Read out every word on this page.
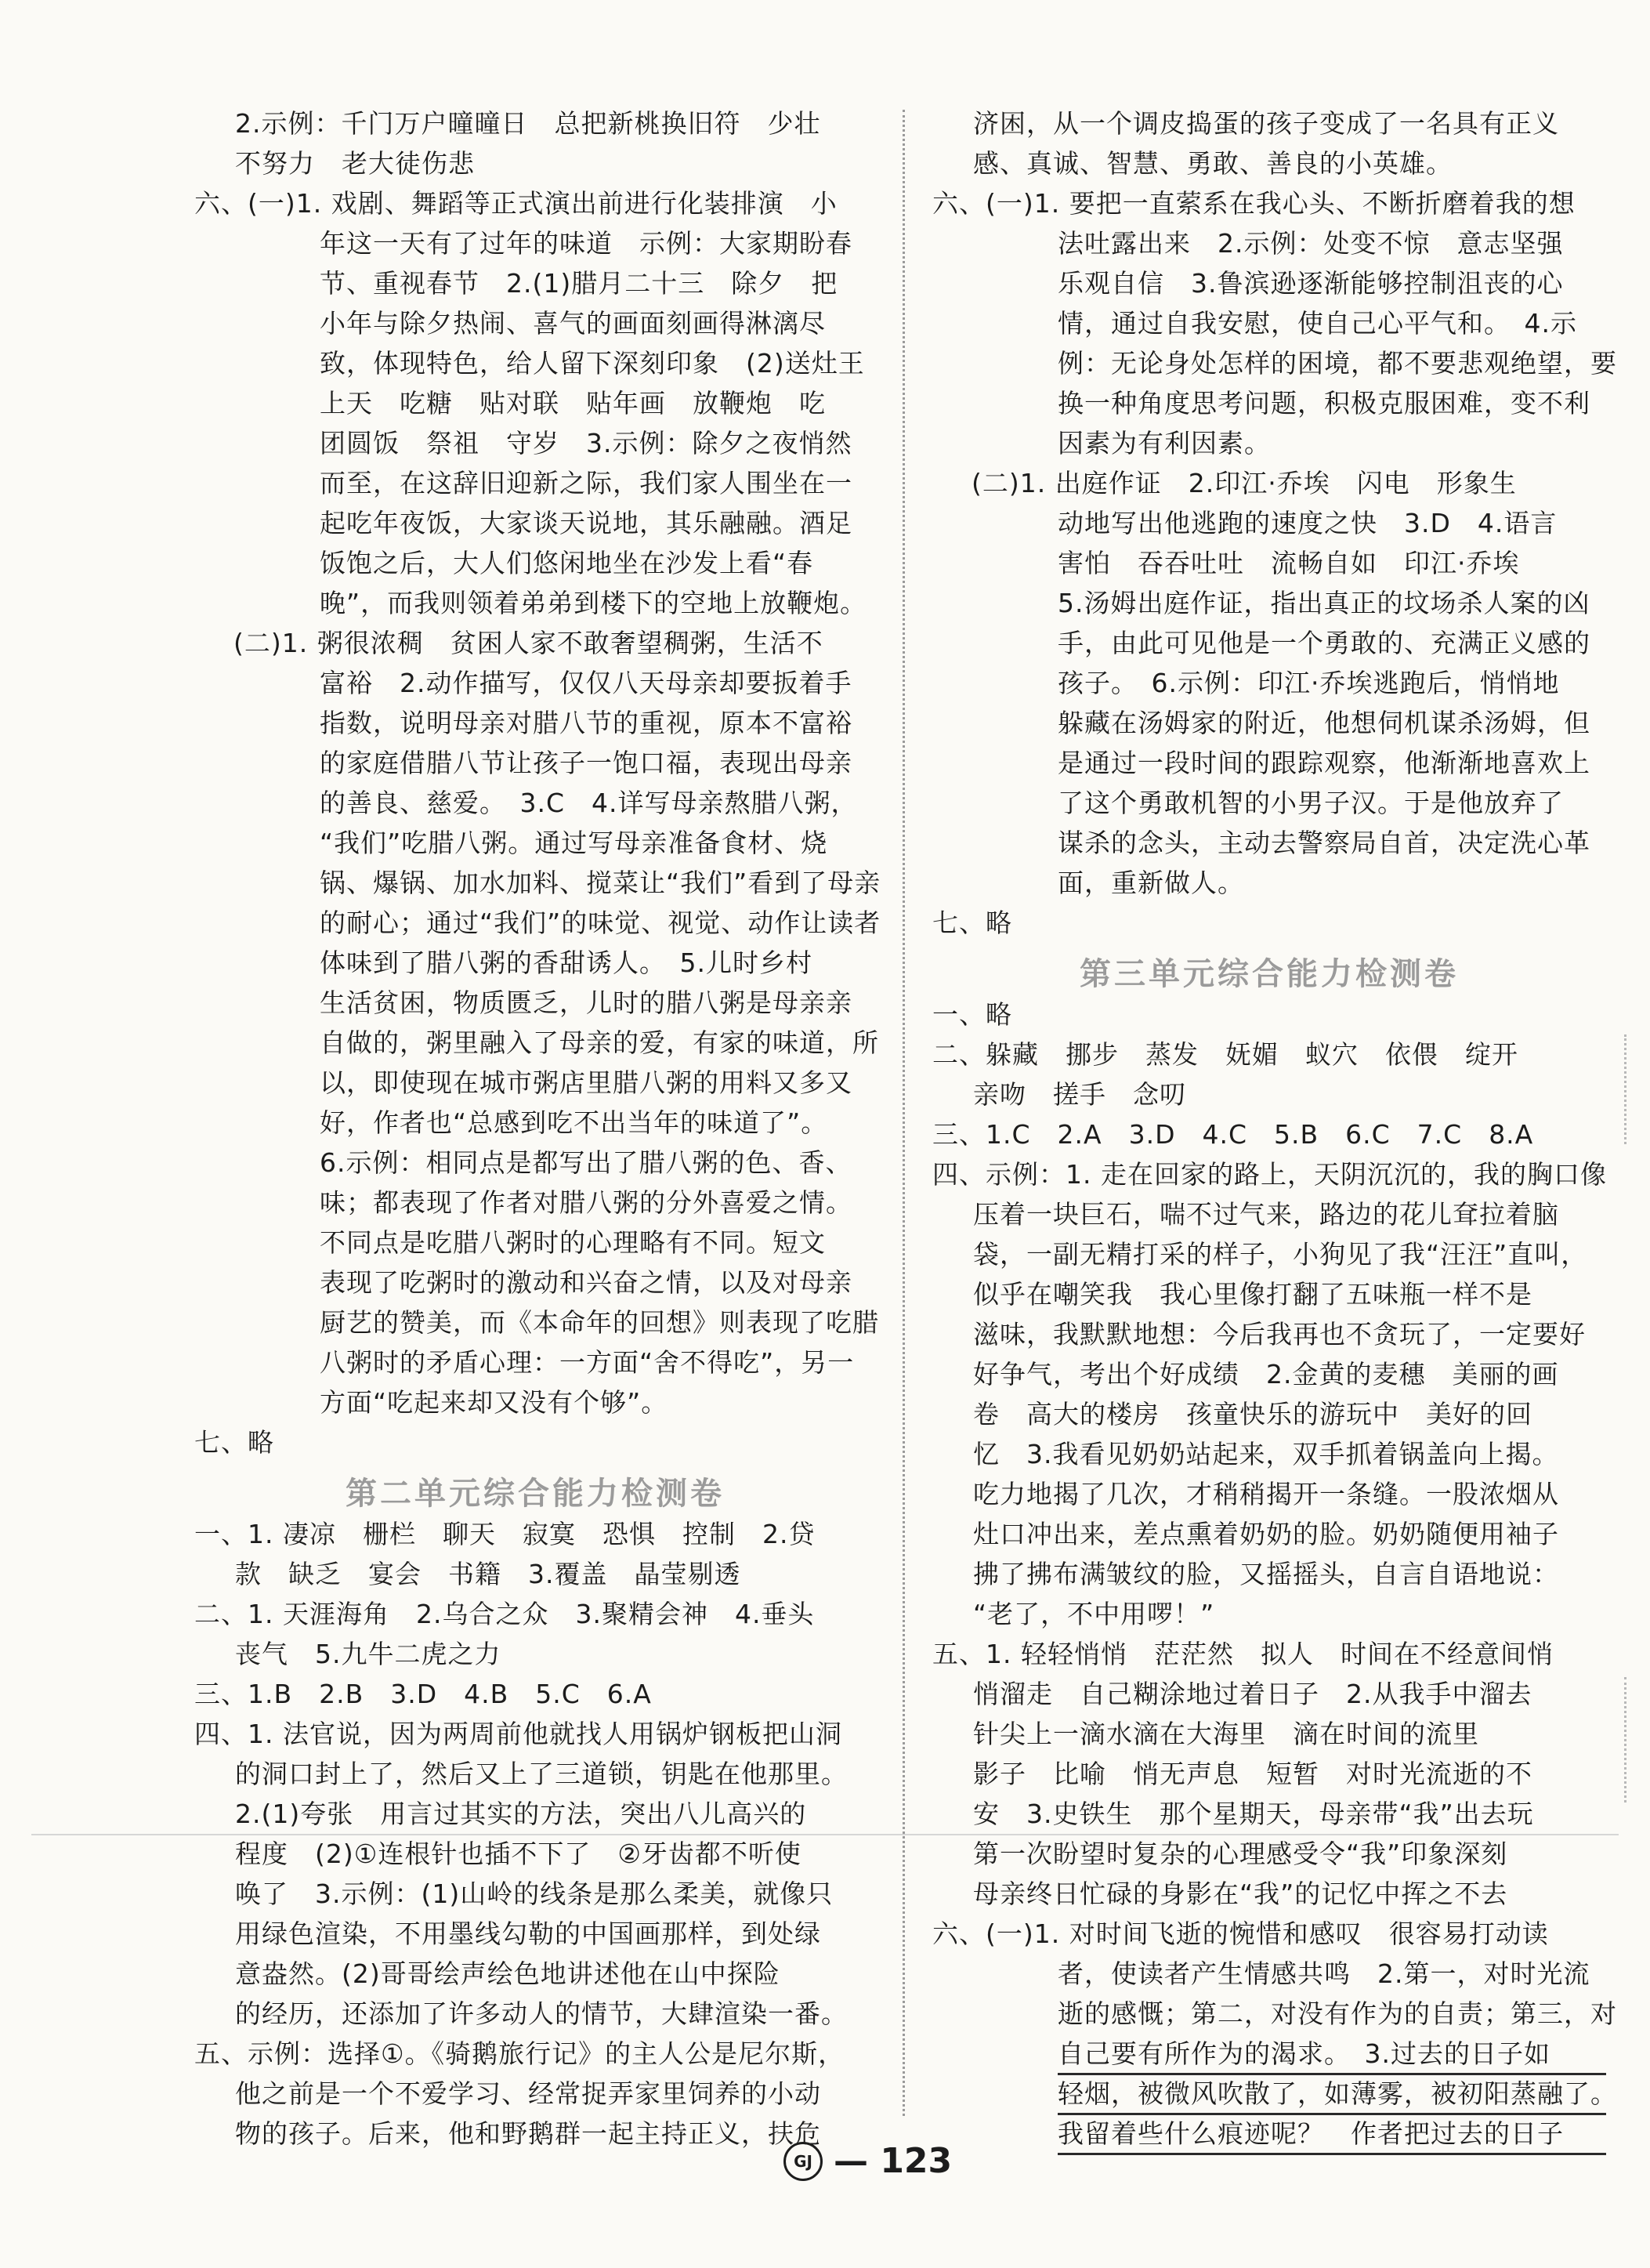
2.示例：千门万户曈曈日　总把新桃换旧符　少壮
不努力　老大徒伤悲
六、(一)1. 戏剧、舞蹈等正式演出前进行化装排演　小
年这一天有了过年的味道　示例：大家期盼春
节、重视春节　2.(1)腊月二十三　除夕　把
小年与除夕热闹、喜气的画面刻画得淋漓尽
致，体现特色，给人留下深刻印象　(2)送灶王
上天　吃糖　贴对联　贴年画　放鞭炮　吃
团圆饭　祭祖　守岁　3.示例：除夕之夜悄然
而至，在这辞旧迎新之际，我们家人围坐在一
起吃年夜饭，大家谈天说地，其乐融融。酒足
饭饱之后，大人们悠闲地坐在沙发上看“春
晚”，而我则领着弟弟到楼下的空地上放鞭炮。
(二)1. 粥很浓稠　贫困人家不敢奢望稠粥，生活不
富裕　2.动作描写，仅仅八天母亲却要扳着手
指数，说明母亲对腊八节的重视，原本不富裕
的家庭借腊八节让孩子一饱口福，表现出母亲
的善良、慈爱。　3.C　4.详写母亲熬腊八粥，
“我们”吃腊八粥。通过写母亲准备食材、烧
锅、爆锅、加水加料、搅菜让“我们”看到了母亲
的耐心；通过“我们”的味觉、视觉、动作让读者
体味到了腊八粥的香甜诱人。　5.儿时乡村
生活贫困，物质匮乏，儿时的腊八粥是母亲亲
自做的，粥里融入了母亲的爱，有家的味道，所
以，即使现在城市粥店里腊八粥的用料又多又
好，作者也“总感到吃不出当年的味道了”。
6.示例：相同点是都写出了腊八粥的色、香、
味；都表现了作者对腊八粥的分外喜爱之情。
不同点是吃腊八粥时的心理略有不同。短文
表现了吃粥时的激动和兴奋之情，以及对母亲
厨艺的赞美，而《本命年的回想》则表现了吃腊
八粥时的矛盾心理：一方面“舍不得吃”，另一
方面“吃起来却又没有个够”。
七、略
第二单元综合能力检测卷
一、1. 凄凉　栅栏　聊天　寂寞　恐惧　控制　2.贷
款　缺乏　宴会　书籍　3.覆盖　晶莹剔透
二、1. 天涯海角　2.乌合之众　3.聚精会神　4.垂头
丧气　5.九牛二虎之力
三、1.B　2.B　3.D　4.B　5.C　6.A
四、1. 法官说，因为两周前他就找人用锅炉钢板把山洞
的洞口封上了，然后又上了三道锁，钥匙在他那里。
2.(1)夸张　用言过其实的方法，突出八儿高兴的
程度　(2)①连根针也插不下了　②牙齿都不听使
唤了　3.示例：(1)山岭的线条是那么柔美，就像只
用绿色渲染，不用墨线勾勒的中国画那样，到处绿
意盎然。(2)哥哥绘声绘色地讲述他在山中探险
的经历，还添加了许多动人的情节，大肆渲染一番。
五、示例：选择①。《骑鹅旅行记》的主人公是尼尔斯，
他之前是一个不爱学习、经常捉弄家里饲养的小动
物的孩子。后来，他和野鹅群一起主持正义，扶危
济困，从一个调皮捣蛋的孩子变成了一名具有正义
感、真诚、智慧、勇敢、善良的小英雄。
六、(一)1. 要把一直萦系在我心头、不断折磨着我的想
法吐露出来　2.示例：处变不惊　意志坚强
乐观自信　3.鲁滨逊逐渐能够控制沮丧的心
情，通过自我安慰，使自己心平气和。　4.示
例：无论身处怎样的困境，都不要悲观绝望，要
换一种角度思考问题，积极克服困难，变不利
因素为有利因素。
(二)1. 出庭作证　2.印江·乔埃　闪电　形象生
动地写出他逃跑的速度之快　3.D　4.语言
害怕　吞吞吐吐　流畅自如　印江·乔埃
5.汤姆出庭作证，指出真正的坟场杀人案的凶
手，由此可见他是一个勇敢的、充满正义感的
孩子。　6.示例：印江·乔埃逃跑后，悄悄地
躲藏在汤姆家的附近，他想伺机谋杀汤姆，但
是通过一段时间的跟踪观察，他渐渐地喜欢上
了这个勇敢机智的小男子汉。于是他放弃了
谋杀的念头，主动去警察局自首，决定洗心革
面，重新做人。
七、略
第三单元综合能力检测卷
一、略
二、躲藏　挪步　蒸发　妩媚　蚁穴　依偎　绽开
亲吻　搓手　念叨
三、1.C　2.A　3.D　4.C　5.B　6.C　7.C　8.A
四、示例：1. 走在回家的路上，天阴沉沉的，我的胸口像
压着一块巨石，喘不过气来，路边的花儿耷拉着脑
袋，一副无精打采的样子，小狗见了我“汪汪”直叫，
似乎在嘲笑我　我心里像打翻了五味瓶一样不是
滋味，我默默地想：今后我再也不贪玩了，一定要好
好争气，考出个好成绩　2.金黄的麦穗　美丽的画
卷　高大的楼房　孩童快乐的游玩中　美好的回
忆　3.我看见奶奶站起来，双手抓着锅盖向上揭。
吃力地揭了几次，才稍稍揭开一条缝。一股浓烟从
灶口冲出来，差点熏着奶奶的脸。奶奶随便用袖子
拂了拂布满皱纹的脸，又摇摇头，自言自语地说：
“老了，不中用啰！”
五、1. 轻轻悄悄　茫茫然　拟人　时间在不经意间悄
悄溜走　自己糊涂地过着日子　2.从我手中溜去
针尖上一滴水滴在大海里　滴在时间的流里
影子　比喻　悄无声息　短暂　对时光流逝的不
安　3.史铁生　那个星期天，母亲带“我”出去玩
第一次盼望时复杂的心理感受令“我”印象深刻
母亲终日忙碌的身影在“我”的记忆中挥之不去
六、(一)1. 对时间飞逝的惋惜和感叹　很容易打动读
者，使读者产生情感共鸣　2.第一，对时光流
逝的感慨；第二，对没有作为的自责；第三，对
自己要有所作为的渴求。　3.过去的日子如
轻烟，被微风吹散了，如薄雾，被初阳蒸融了。
我留着些什么痕迹呢？　作者把过去的日子
GJ — 123
